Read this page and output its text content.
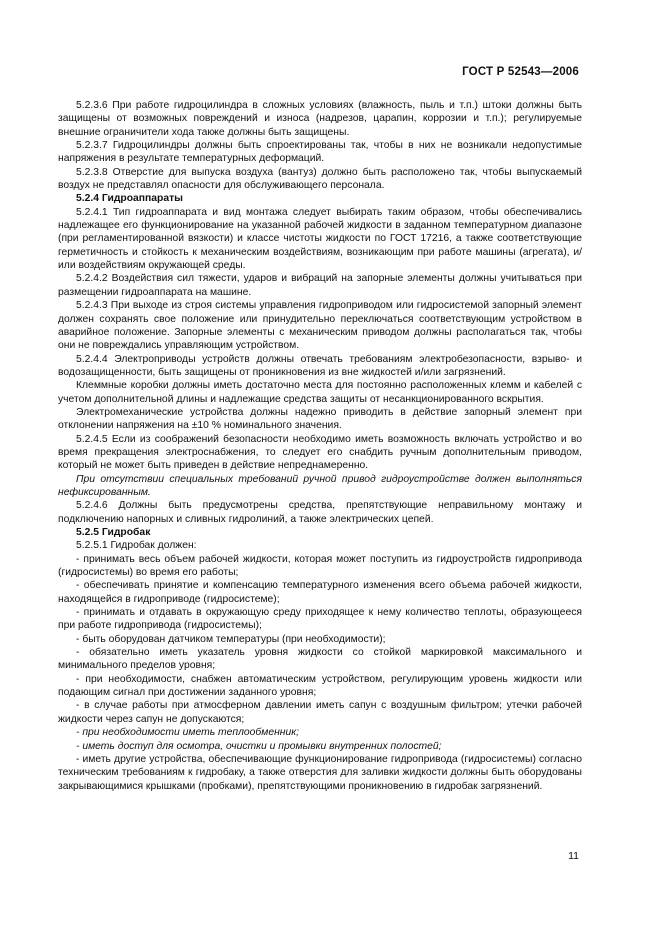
ГОСТ Р 52543—2006

5.2.3.6 При работе гидроцилиндра в сложных условиях (влажность, пыль и т.п.) штоки должны быть защищены от возможных повреждений и износа (надрезов, царапин, коррозии и т.п.); регулируемые внешние ограничители хода также должны быть защищены.

5.2.3.7 Гидроцилиндры должны быть спроектированы так, чтобы в них не возникали недопустимые напряжения в результате температурных деформаций.

5.2.3.8 Отверстие для выпуска воздуха (вантуз) должно быть расположено так, чтобы выпускаемый воздух не представлял опасности для обслуживающего персонала.

5.2.4 Гидроаппараты

5.2.4.1 Тип гидроаппарата и вид монтажа следует выбирать таким образом, чтобы обеспечивались надлежащее его функционирование на указанной рабочей жидкости в заданном температурном диапазоне (при регламентированной вязкости) и классе чистоты жидкости по ГОСТ 17216, а также соответствующие герметичность и стойкость к механическим воздействиям, возникающим при работе машины (агрегата), и/или воздействиям окружающей среды.

5.2.4.2 Воздействия сил тяжести, ударов и вибраций на запорные элементы должны учитываться при размещении гидроаппарата на машине.

5.2.4.3 При выходе из строя системы управления гидроприводом или гидросистемой запорный элемент должен сохранять свое положение или принудительно переключаться соответствующим устройством в аварийное положение. Запорные элементы с механическим приводом должны располагаться так, чтобы они не повреждались управляющим устройством.

5.2.4.4 Электроприводы устройств должны отвечать требованиям электробезопасности, взрыво- и водозащищенности, быть защищены от проникновения из вне жидкостей и/или загрязнений.

Клеммные коробки должны иметь достаточно места для постоянно расположенных клемм и кабелей с учетом дополнительной длины и надлежащие средства защиты от несанкционированного вскрытия.

Электромеханические устройства должны надежно приводить в действие запорный элемент при отклонении напряжения на ±10 % номинального значения.

5.2.4.5 Если из соображений безопасности необходимо иметь возможность включать устройство и во время прекращения электроснабжения, то следует его снабдить ручным дополнительным приводом, который не может быть приведен в действие непреднамеренно.

При отсутствии специальных требований ручной привод гидроустройстве должен выполняться нефиксированным.

5.2.4.6 Должны быть предусмотрены средства, препятствующие неправильному монтажу и подключению напорных и сливных гидролиний, а также электрических цепей.

5.2.5 Гидробак

5.2.5.1 Гидробак должен:

- принимать весь объем рабочей жидкости, которая может поступить из гидроустройств гидропривода (гидросистемы) во время его работы;

- обеспечивать принятие и компенсацию температурного изменения всего объема рабочей жидкости, находящейся в гидроприводе (гидросистеме);

- принимать и отдавать в окружающую среду приходящее к нему количество теплоты, образующееся при работе гидропривода (гидросистемы);

- быть оборудован датчиком температуры (при необходимости);

- обязательно иметь указатель уровня жидкости со стойкой маркировкой максимального и минимального пределов уровня;

- при необходимости, снабжен автоматическим устройством, регулирующим уровень жидкости или подающим сигнал при достижении заданного уровня;

- в случае работы при атмосферном давлении иметь сапун с воздушным фильтром; утечки рабочей жидкости через сапун не допускаются;

- при необходимости иметь теплообменник;

- иметь доступ для осмотра, очистки и промывки внутренних полостей;

- иметь другие устройства, обеспечивающие функционирование гидропривода (гидросистемы) согласно техническим требованиям к гидробаку, а также отверстия для заливки жидкости должны быть оборудованы закрывающимися крышками (пробками), препятствующими проникновению в гидробак загрязнений.

11
